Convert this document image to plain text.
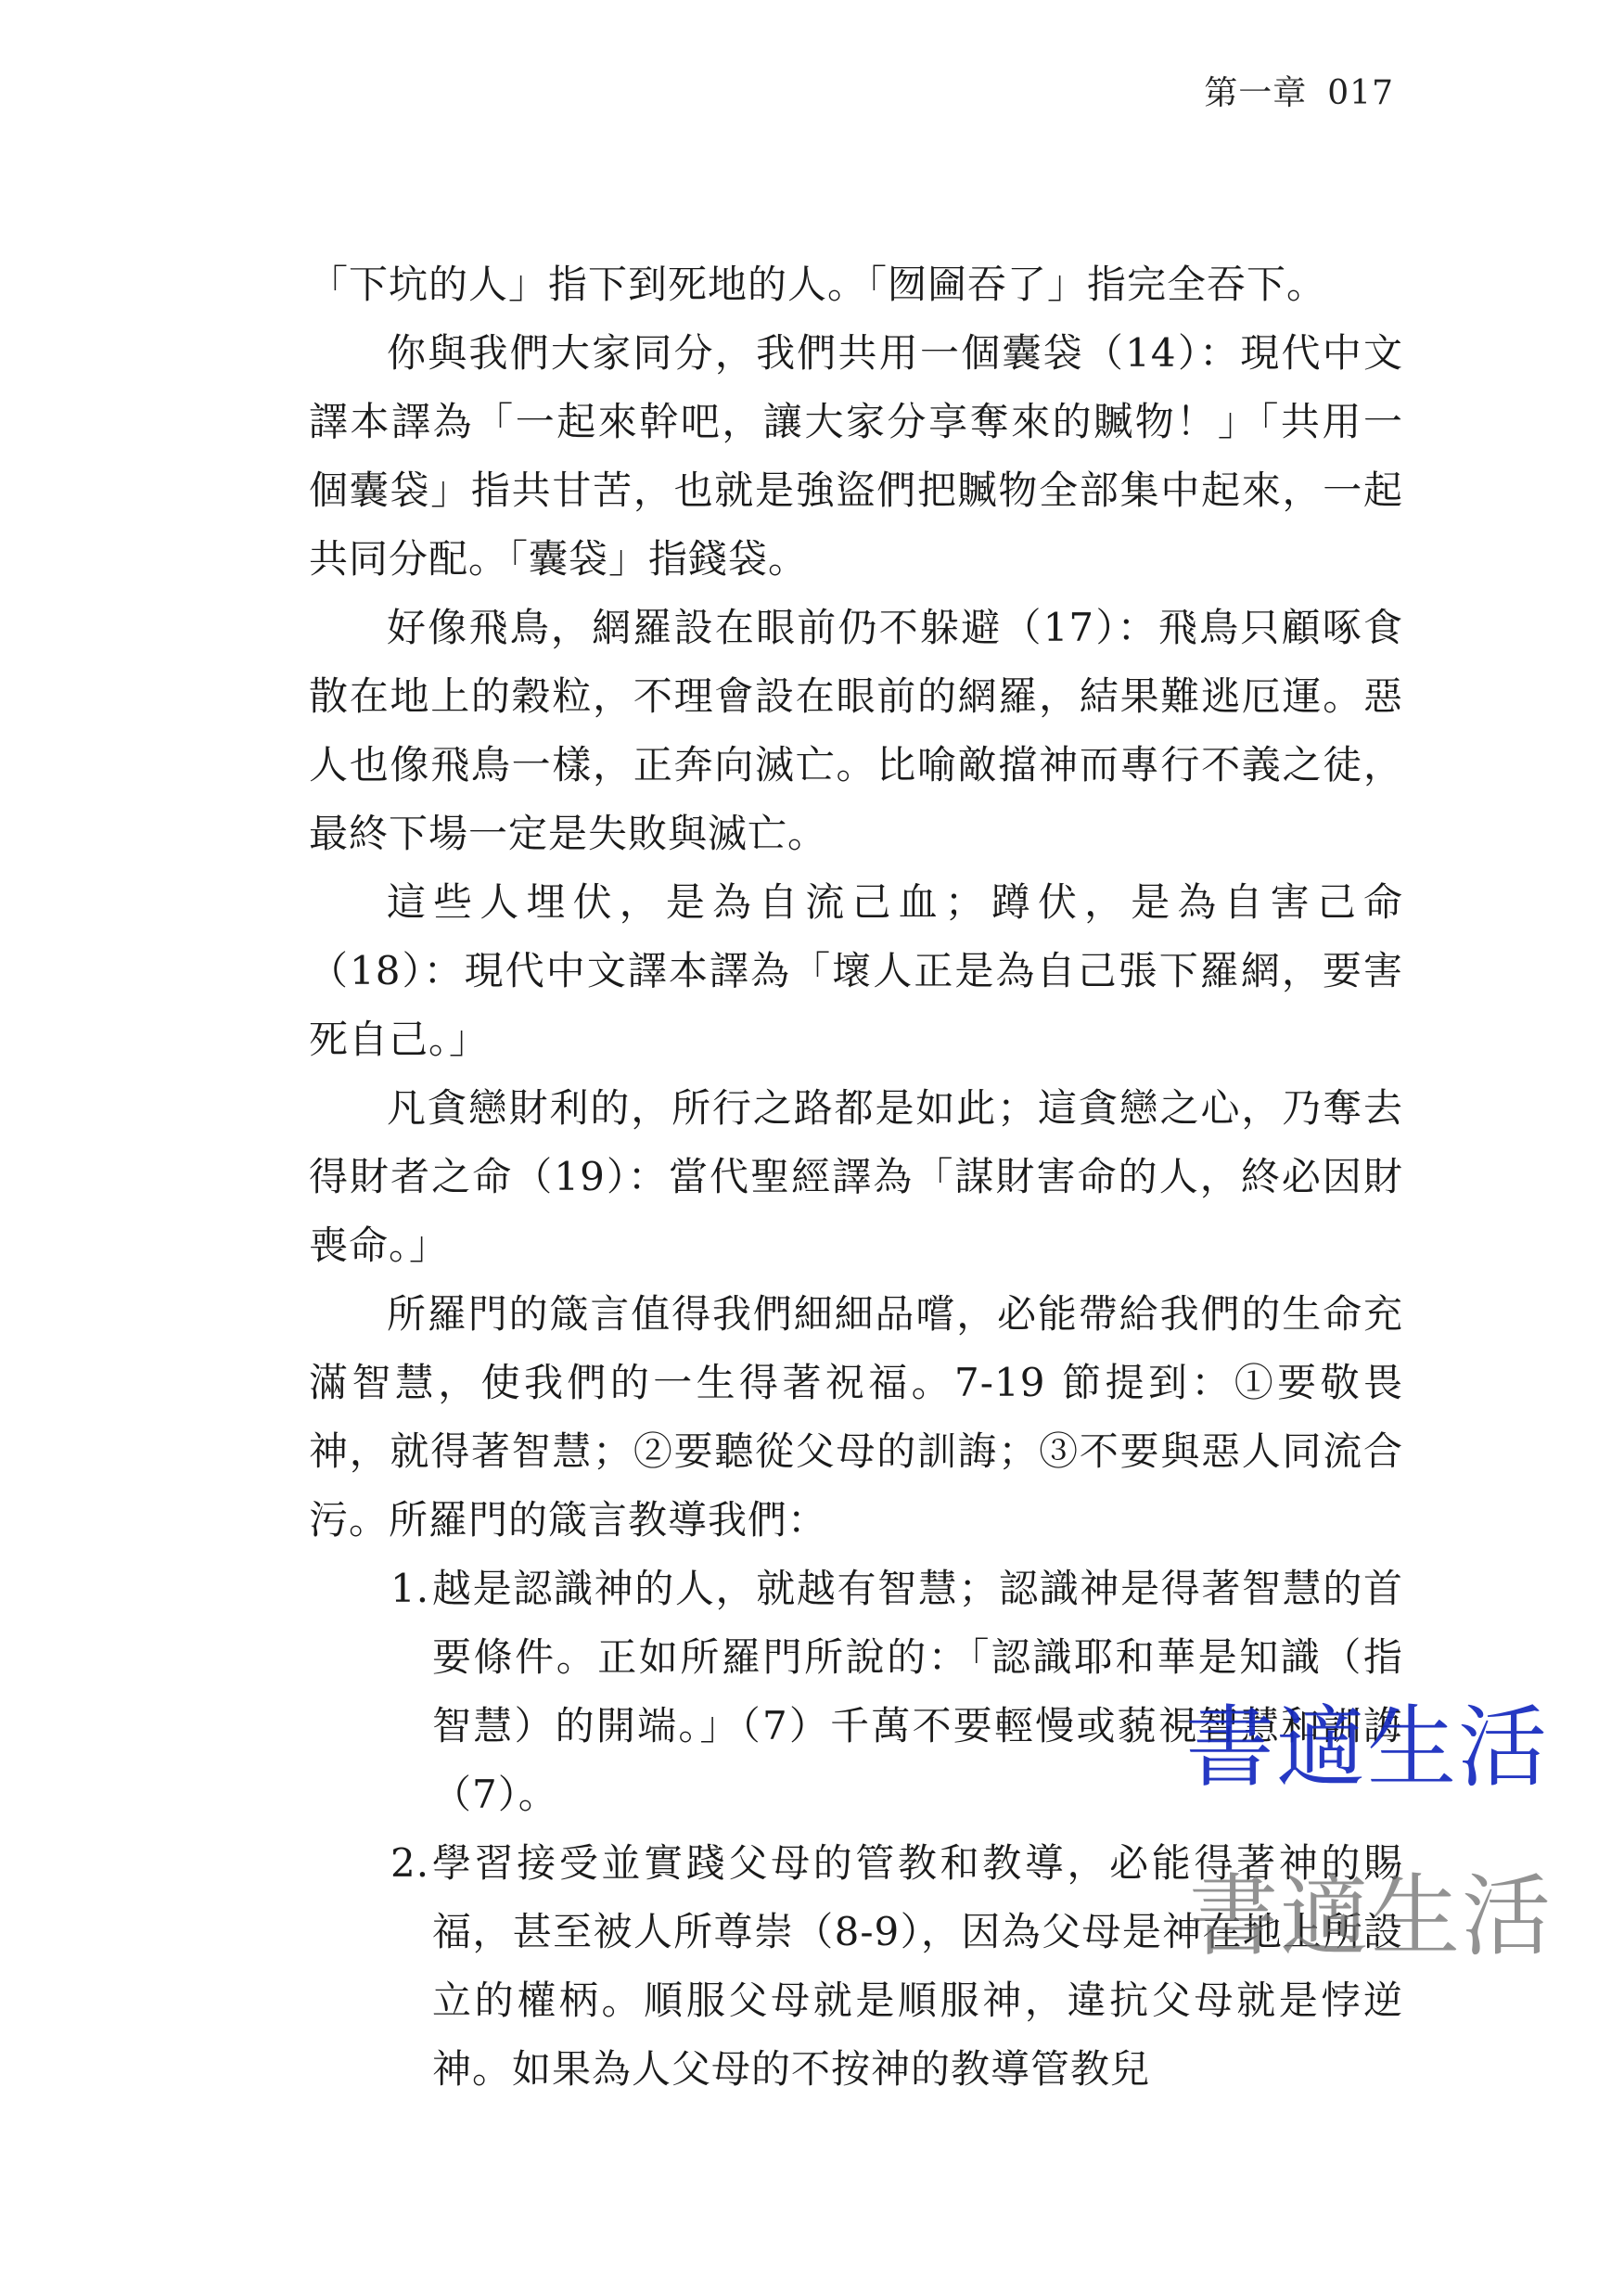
第一章 017

「下坑的人」指下到死地的人。「囫圇吞了」指完全吞下。

你與我們大家同分，我們共用一個囊袋（14）：現代中文譯本譯為「一起來幹吧，讓大家分享奪來的贓物！」「共用一個囊袋」指共甘苦，也就是強盜們把贓物全部集中起來，一起共同分配。「囊袋」指錢袋。

好像飛鳥，網羅設在眼前仍不躲避（17）：飛鳥只顧啄食散在地上的穀粒，不理會設在眼前的網羅，結果難逃厄運。惡人也像飛鳥一樣，正奔向滅亡。比喻敵擋神而專行不義之徒，最終下場一定是失敗與滅亡。

這些人埋伏，是為自流己血；蹲伏，是為自害己命（18）：現代中文譯本譯為「壞人正是為自己張下羅網，要害死自己。」

凡貪戀財利的，所行之路都是如此；這貪戀之心，乃奪去得財者之命（19）：當代聖經譯為「謀財害命的人，終必因財喪命。」

所羅門的箴言值得我們細細品嚐，必能帶給我們的生命充滿智慧，使我們的一生得著祝福。7-19 節提到：①要敬畏神，就得著智慧；②要聽從父母的訓誨；③不要與惡人同流合污。所羅門的箴言教導我們：

1. 越是認識神的人，就越有智慧；認識神是得著智慧的首要條件。正如所羅門所說的：「認識耶和華是知識（指智慧）的開端。」（7）千萬不要輕慢或藐視智慧和訓誨（7）。
2. 學習接受並實踐父母的管教和教導，必能得著神的賜福，甚至被人所尊崇（8-9），因為父母是神在地上所設立的權柄。順服父母就是順服神，違抗父母就是悖逆神。如果為人父母的不按神的教導管教兒
書適生活
書適生活
